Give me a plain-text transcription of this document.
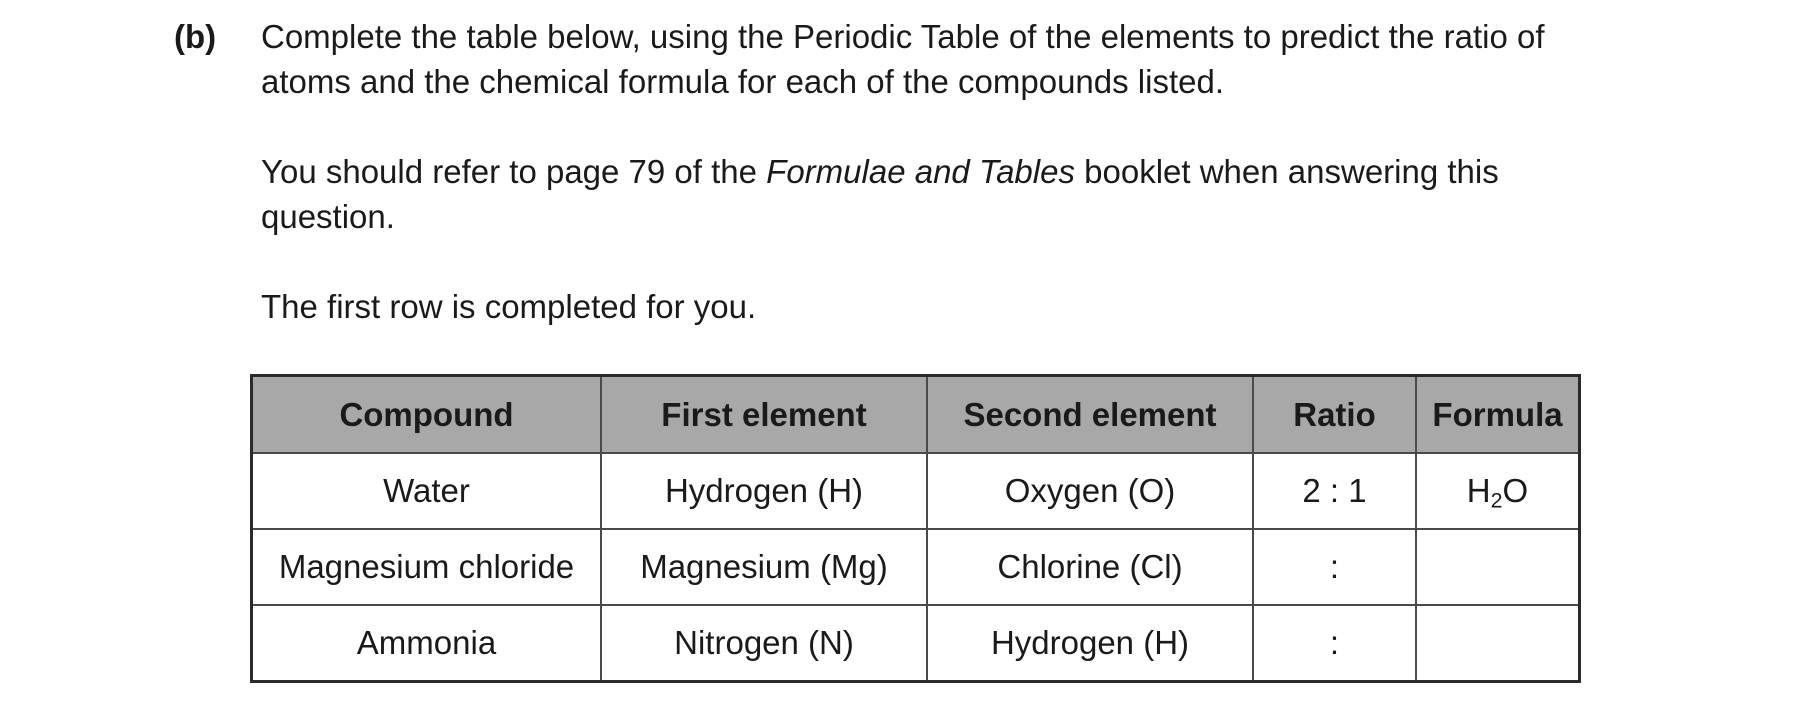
(b) Complete the table below, using the Periodic Table of the elements to predict the ratio of atoms and the chemical formula for each of the compounds listed.

You should refer to page 79 of the Formulae and Tables booklet when answering this question.

The first row is completed for you.

Compound	First element	Second element	Ratio	Formula
Water	Hydrogen (H)	Oxygen (O)	2 : 1	$H_2O$
Magnesium chloride	Magnesium (Mg)	Chlorine (Cl)	:	
Ammonia	Nitrogen (N)	Hydrogen (H)	:	
